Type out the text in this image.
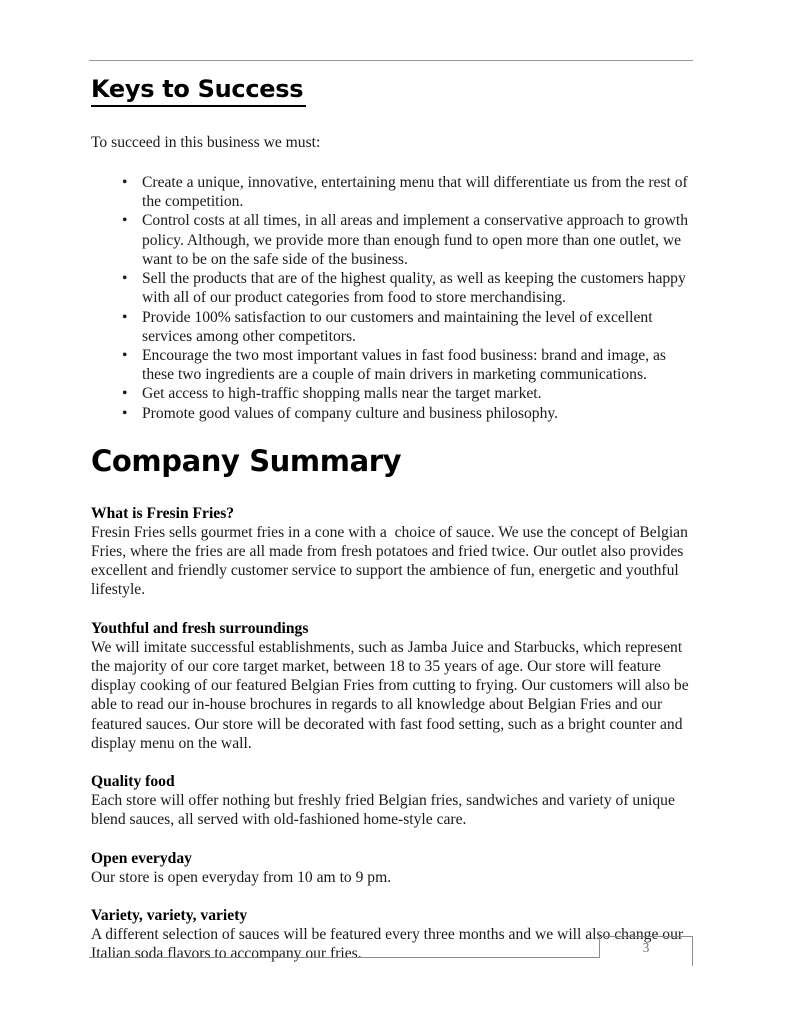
Keys to Success

To succeed in this business we must:

• Create a unique, innovative, entertaining menu that will differentiate us from the rest of the competition.
• Control costs at all times, in all areas and implement a conservative approach to growth policy. Although, we provide more than enough fund to open more than one outlet, we want to be on the safe side of the business.
• Sell the products that are of the highest quality, as well as keeping the customers happy with all of our product categories from food to store merchandising.
• Provide 100% satisfaction to our customers and maintaining the level of excellent services among other competitors.
• Encourage the two most important values in fast food business: brand and image, as these two ingredients are a couple of main drivers in marketing communications.
• Get access to high-traffic shopping malls near the target market.
• Promote good values of company culture and business philosophy.
Company Summary
What is Fresin Fries?

Fresin Fries sells gourmet fries in a cone with a  choice of sauce. We use the concept of Belgian Fries, where the fries are all made from fresh potatoes and fried twice. Our outlet also provides excellent and friendly customer service to support the ambience of fun, energetic and youthful lifestyle.

Youthful and fresh surroundings

We will imitate successful establishments, such as Jamba Juice and Starbucks, which represent the majority of our core target market, between 18 to 35 years of age. Our store will feature display cooking of our featured Belgian Fries from cutting to frying. Our customers will also be able to read our in-house brochures in regards to all knowledge about Belgian Fries and our featured sauces. Our store will be decorated with fast food setting, such as a bright counter and display menu on the wall.

Quality food

Each store will offer nothing but freshly fried Belgian fries, sandwiches and variety of unique blend sauces, all served with old-fashioned home-style care.

Open everyday

Our store is open everyday from 10 am to 9 pm.

Variety, variety, variety

A different selection of sauces will be featured every three months and we will also change our Italian soda flavors to accompany our fries.	3
